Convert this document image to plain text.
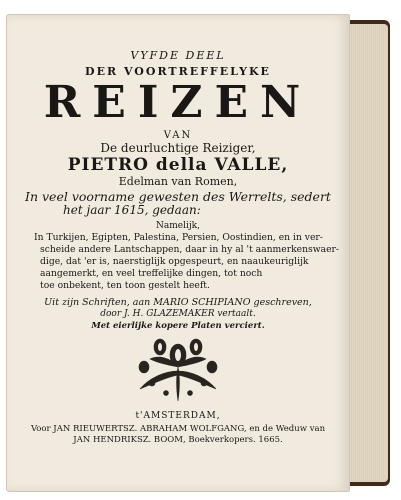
VYFDE DEEL
DER VOORTREFFELYKE
REIZEN
VAN
De deurluchtige Reiziger,
PIETRO della VALLE,
Edelman van Romen,
In veel voorname gewesten des Werrelts, sedert
het jaar 1615, gedaan:
Namelijk,
In Turkijen, Egipten, Palestina, Persien, Oostindien, en in ver-
scheide andere Lantschappen, daar in hy al 't aanmerkenswaer-
dige, dat 'er is, naerstiglijk opgespeurt, en naaukeuriglijk
aangemerkt, en veel treffelijke dingen, tot noch
toe onbekent, ten toon gestelt heeft.
Uit zijn Schriften, aan MARIO SCHIPIANO geschreven,
door J. H. GLAZEMAKER vertaalt.
Met eierlijke kopere Platen verciert.
t'AMSTERDAM,
Voor JAN RIEUWERTSZ. ABRAHAM WOLFGANG, en de Weduw van
JAN HENDRIKSZ. BOOM, Boekverkopers. 1665.
